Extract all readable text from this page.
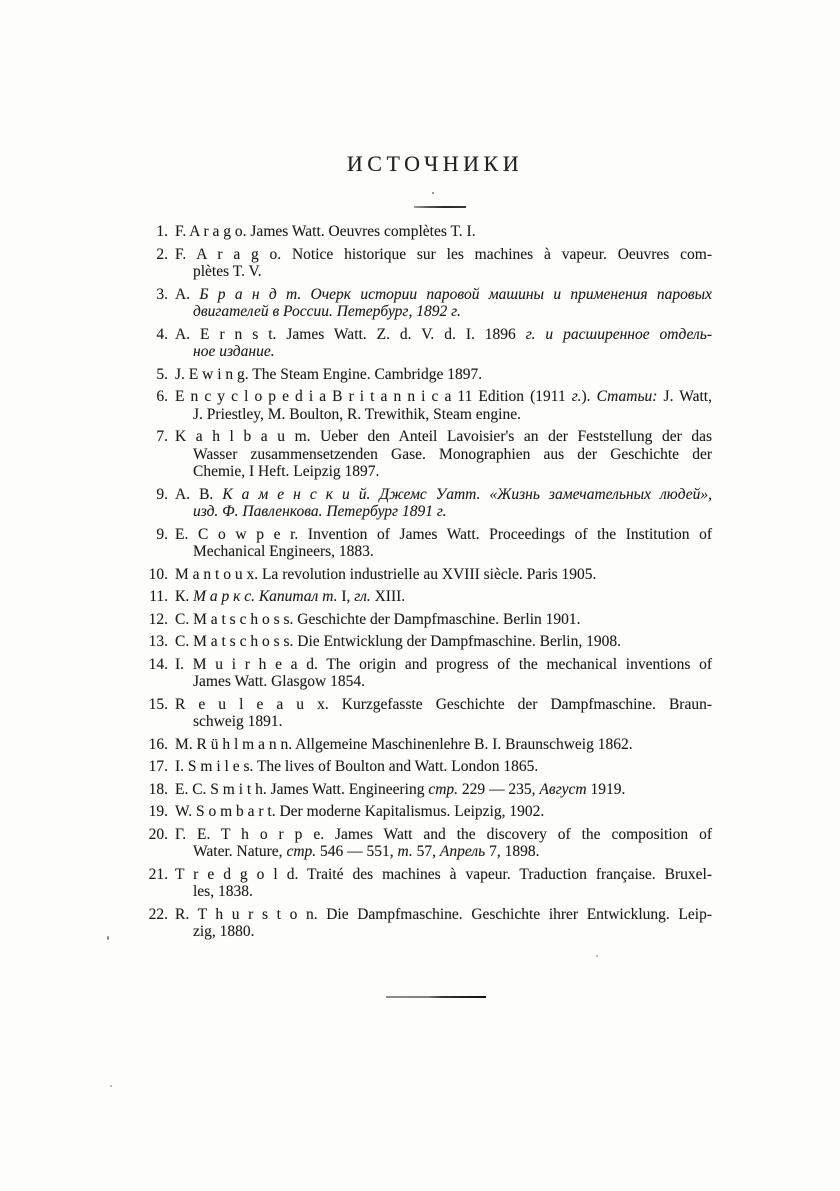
ИСТОЧНИКИ
1. F. A r a g o. James Watt. Oeuvres complètes T. I.
2. F. A r a g o. Notice historique sur les machines à vapeur. Oeuvres com-
plètes T. V.
3. А. Б р а н д т. Очерк истории паровой машины и применения паровых
двигателей в России. Петербург, 1892 г.
4. A. E r n s t. James Watt. Z. d. V. d. I. 1896 г. и расширенное отдель-
ное издание.
5. J. E w i n g. The Steam Engine. Cambridge 1897.
6. E n c y c l o p e d i a B r i t a n n i c a 11 Edition (1911 г.). Статьи: J. Watt,
J. Priestley, M. Boulton, R. Trewithik, Steam engine.
7. K a h l b a u m. Ueber den Anteil Lavoisier's an der Feststellung der das
Wasser zusammensetzenden Gase. Monographien aus der Geschichte der
Chemie, I Heft. Leipzig 1897.
9. А. В. К а м е н с к и й. Джемс Уатт. «Жизнь замечательных людей»,
изд. Ф. Павленкова. Петербург 1891 г.
9. E. C o w p e r. Invention of James Watt. Proceedings of the Institution of
Mechanical Engineers, 1883.
10. M a n t o u x. La revolution industrielle au XVIII siècle. Paris 1905.
11. К. М а р к с. Капитал т. I, гл. XIII.
12. C. M a t s c h o s s. Geschichte der Dampfmaschine. Berlin 1901.
13. C. M a t s c h o s s. Die Entwicklung der Dampfmaschine. Berlin, 1908.
14. I. M u i r h e a d. The origin and progress of the mechanical inventions of
James Watt. Glasgow 1854.
15. R e u l e a u x. Kurzgefasste Geschichte der Dampfmaschine. Braun-
schweig 1891.
16. M. R ü h l m a n n. Allgemeine Maschinenlehre B. I. Braunschweig 1862.
17. I. S m i l e s. The lives of Boulton and Watt. London 1865.
18. E. C. S m i t h. James Watt. Engineering стр. 229 — 235, Август 1919.
19. W. S o m b a r t. Der moderne Kapitalismus. Leipzig, 1902.
20. Г. E. T h o r p e. James Watt and the discovery of the composition of
Water. Nature, стр. 546 — 551, т. 57, Апрель 7, 1898.
21. T r e d g o l d. Traité des machines à vapeur. Traduction française. Bruxel-
les, 1838.
22. R. T h u r s t o n. Die Dampfmaschine. Geschichte ihrer Entwicklung. Leip-
zig, 1880.
